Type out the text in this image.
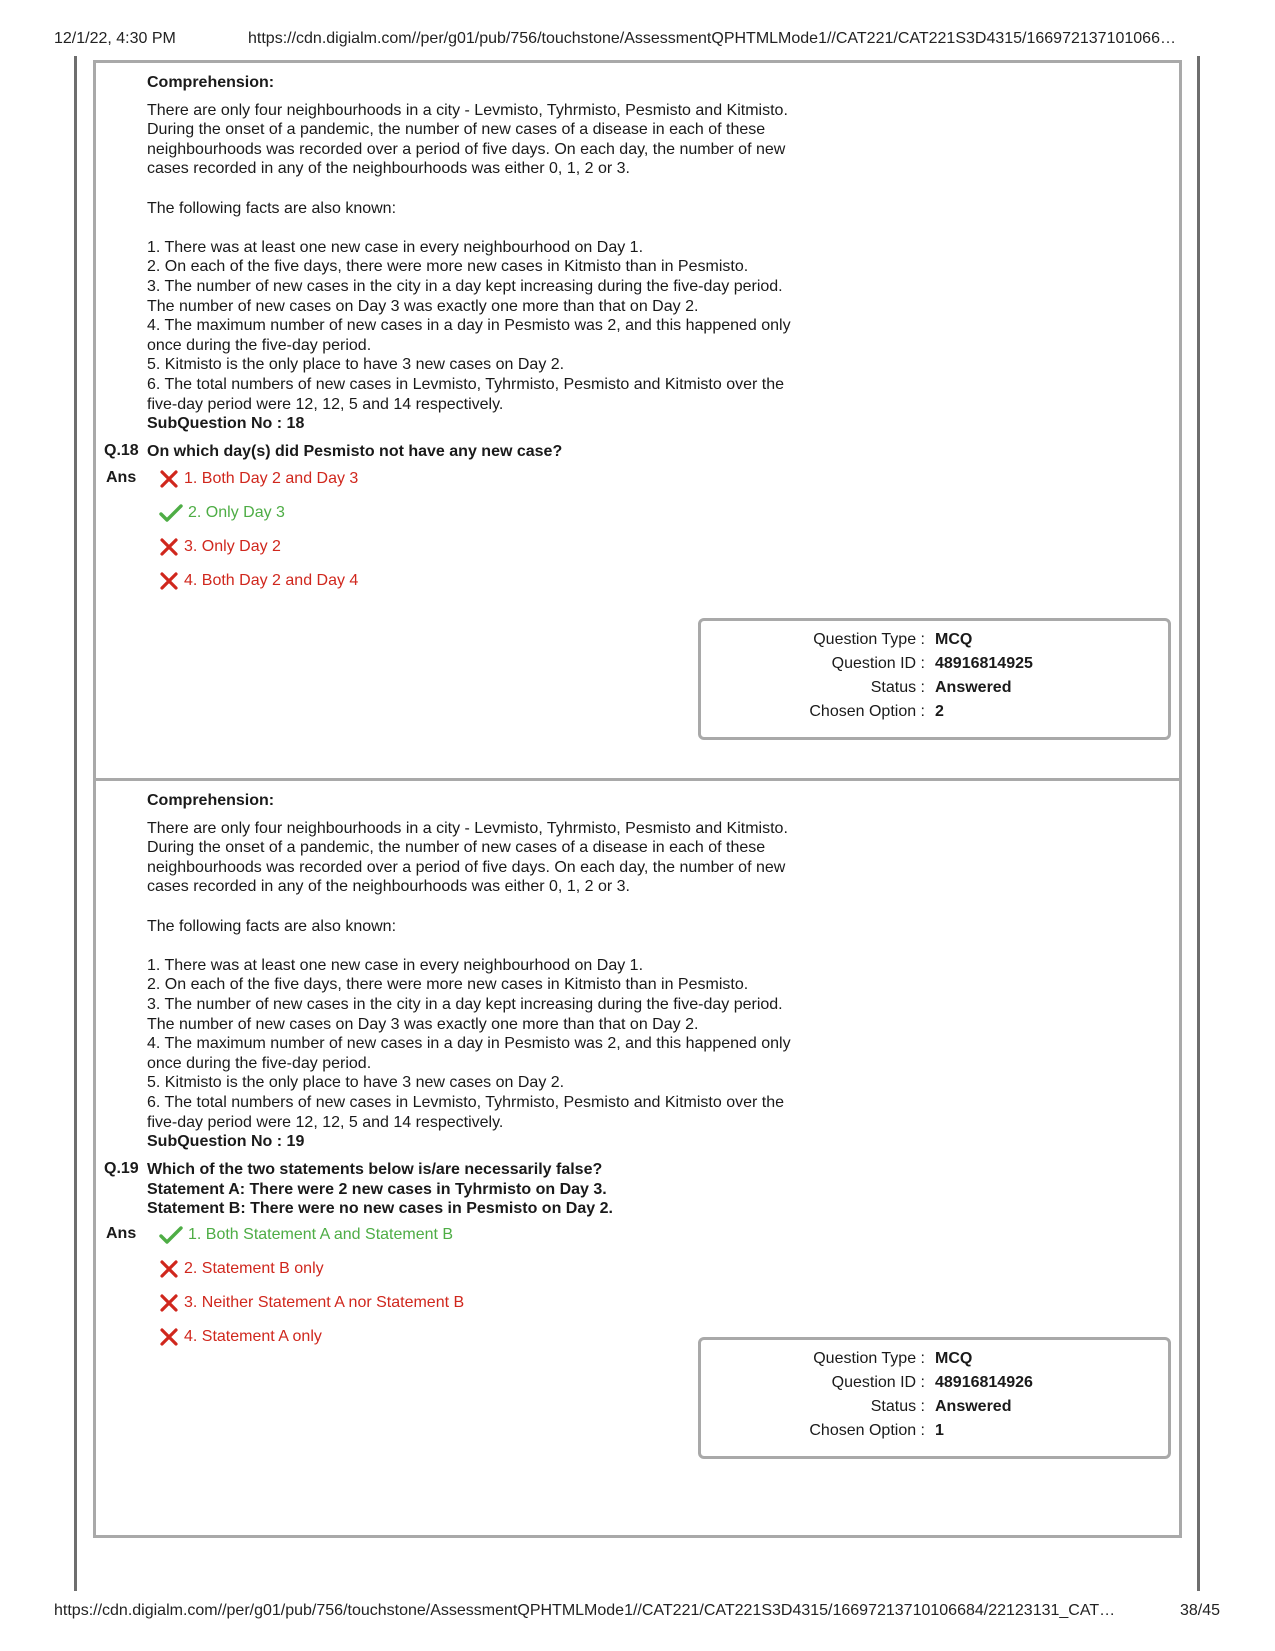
12/1/22, 4:30 PM	https://cdn.digialm.com//per/g01/pub/756/touchstone/AssessmentQPHTMLMode1//CAT221/CAT221S3D4315/166972137101066…
Comprehension:

There are only four neighbourhoods in a city - Levmisto, Tyhrmisto, Pesmisto and Kitmisto.

During the onset of a pandemic, the number of new cases of a disease in each of these

neighbourhoods was recorded over a period of five days. On each day, the number of new

cases recorded in any of the neighbourhoods was either 0, 1, 2 or 3.

The following facts are also known:

1. There was at least one new case in every neighbourhood on Day 1.

2. On each of the five days, there were more new cases in Kitmisto than in Pesmisto.

3. The number of new cases in the city in a day kept increasing during the five-day period.

The number of new cases on Day 3 was exactly one more than that on Day 2.

4. The maximum number of new cases in a day in Pesmisto was 2, and this happened only

once during the five-day period.

5. Kitmisto is the only place to have 3 new cases on Day 2.

6. The total numbers of new cases in Levmisto, Tyhrmisto, Pesmisto and Kitmisto over the

five-day period were 12, 12, 5 and 14 respectively.

SubQuestion No : 18
Q.18 On which day(s) did Pesmisto not have any new case?
Ans	1. Both Day 2 and Day 3
2. Only Day 3
3. Only Day 2
4. Both Day 2 and Day 4
Question Type : MCQ
Question ID : 48916814925
Status : Answered
Chosen Option : 2
Comprehension:

There are only four neighbourhoods in a city - Levmisto, Tyhrmisto, Pesmisto and Kitmisto.

During the onset of a pandemic, the number of new cases of a disease in each of these

neighbourhoods was recorded over a period of five days. On each day, the number of new

cases recorded in any of the neighbourhoods was either 0, 1, 2 or 3.

The following facts are also known:

1. There was at least one new case in every neighbourhood on Day 1.

2. On each of the five days, there were more new cases in Kitmisto than in Pesmisto.

3. The number of new cases in the city in a day kept increasing during the five-day period.

The number of new cases on Day 3 was exactly one more than that on Day 2.

4. The maximum number of new cases in a day in Pesmisto was 2, and this happened only

once during the five-day period.

5. Kitmisto is the only place to have 3 new cases on Day 2.

6. The total numbers of new cases in Levmisto, Tyhrmisto, Pesmisto and Kitmisto over the

five-day period were 12, 12, 5 and 14 respectively.

SubQuestion No : 19
Q.19 Which of the two statements below is/are necessarily false?
Statement A: There were 2 new cases in Tyhrmisto on Day 3.
Statement B: There were no new cases in Pesmisto on Day 2.
Ans	1. Both Statement A and Statement B
2. Statement B only
3. Neither Statement A nor Statement B
4. Statement A only
Question Type : MCQ
Question ID : 48916814926
Status : Answered
Chosen Option : 1
https://cdn.digialm.com//per/g01/pub/756/touchstone/AssessmentQPHTMLMode1//CAT221/CAT221S3D4315/16697213710106684/22123131_CAT…	38/45
